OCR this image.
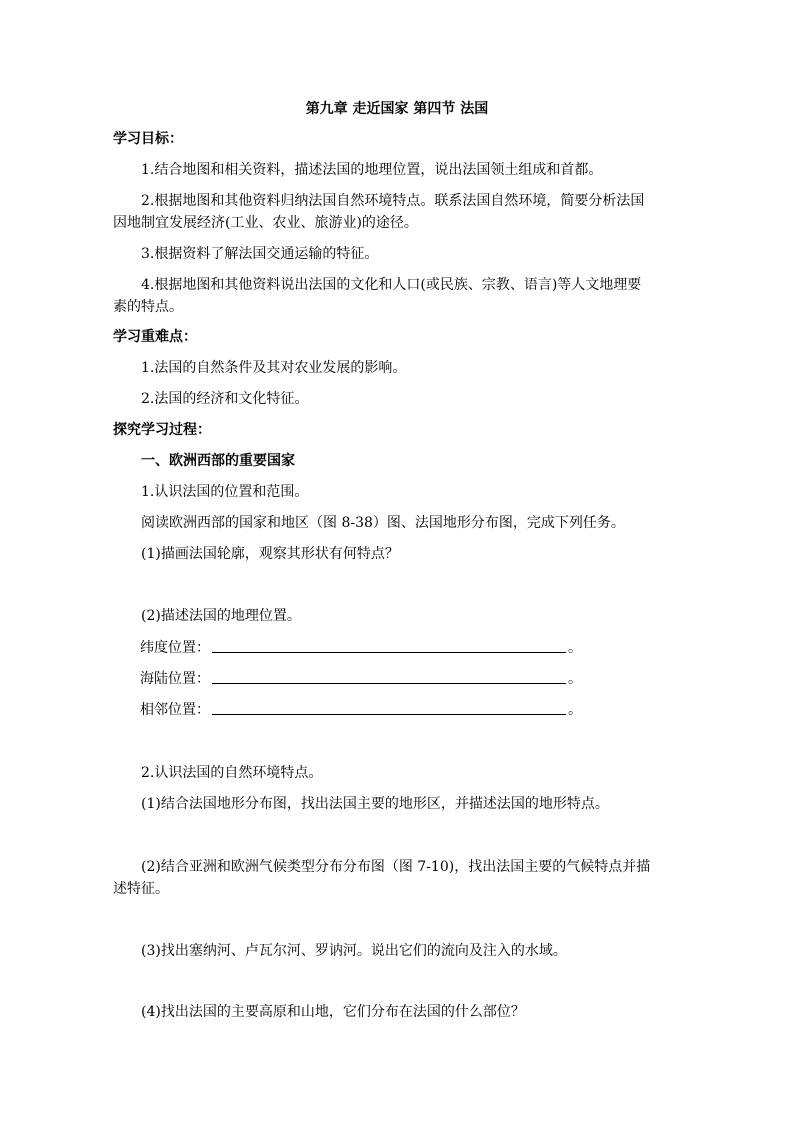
第九章 走近国家 第四节 法国
学习目标：
1.结合地图和相关资料，描述法国的地理位置，说出法国领土组成和首都。
2.根据地图和其他资料归纳法国自然环境特点。联系法国自然环境，简要分析法国
因地制宜发展经济(工业、农业、旅游业)的途径。
3.根据资料了解法国交通运输的特征。
4.根据地图和其他资料说出法国的文化和人口(或民族、宗教、语言)等人文地理要
素的特点。
学习重难点：
1.法国的自然条件及其对农业发展的影响。
2.法国的经济和文化特征。
探究学习过程：
一、欧洲西部的重要国家
1.认识法国的位置和范围。
阅读欧洲西部的国家和地区（图 8-38）图、法国地形分布图，完成下列任务。
(1)描画法国轮廓，观察其形状有何特点？
(2)描述法国的地理位置。
纬度位置：	。
海陆位置：	。
相邻位置：	。
2.认识法国的自然环境特点。
(1)结合法国地形分布图，找出法国主要的地形区，并描述法国的地形特点。
(2)结合亚洲和欧洲气候类型分布分布图（图 7-10)，找出法国主要的气候特点并描
述特征。
(3)找出塞纳河、卢瓦尔河、罗讷河。说出它们的流向及注入的水域。
(4)找出法国的主要高原和山地，它们分布在法国的什么部位？
